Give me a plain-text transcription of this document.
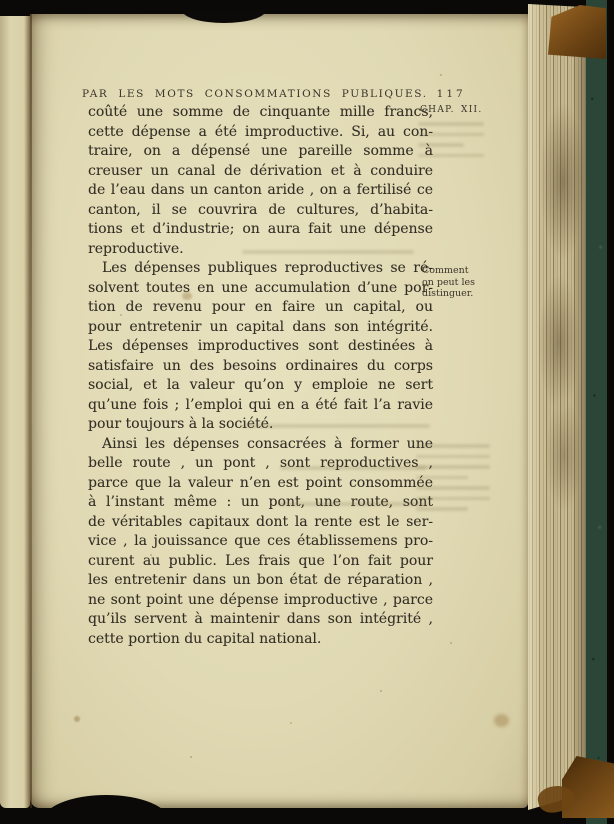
PAR LES MOTS CONSOMMATIONS PUBLIQUES. 117
CHAP. XII.
Comment
on peut les
distinguer.
coûté une somme de cinquante mille francs,
cette dépense a été improductive. Si, au con-
traire, on a dépensé une pareille somme à
creuser un canal de dérivation et à conduire
de l’eau dans un canton aride , on a fertilisé ce
canton, il se couvrira de cultures, d’habita-
tions et d’industrie; on aura fait une dépense
reproductive.
Les dépenses publiques reproductives se ré-
solvent toutes en une accumulation d’une por-
tion de revenu pour en faire un capital, ou
pour entretenir un capital dans son intégrité.
Les dépenses improductives sont destinées à
satisfaire un des besoins ordinaires du corps
social, et la valeur qu’on y emploie ne sert
qu’une fois ; l’emploi qui en a été fait l’a ravie
pour toujours à la société.
Ainsi les dépenses consacrées à former une
belle route , un pont , sont reproductives ,
parce que la valeur n’en est point consommée
à l’instant même : un pont, une route, sont
de véritables capitaux dont la rente est le ser-
vice , la jouissance que ces établissemens pro-
curent au public. Les frais que l’on fait pour
les entretenir dans un bon état de réparation ,
ne sont point une dépense improductive , parce
qu’ils servent à maintenir dans son intégrité ,
cette portion du capital national.
